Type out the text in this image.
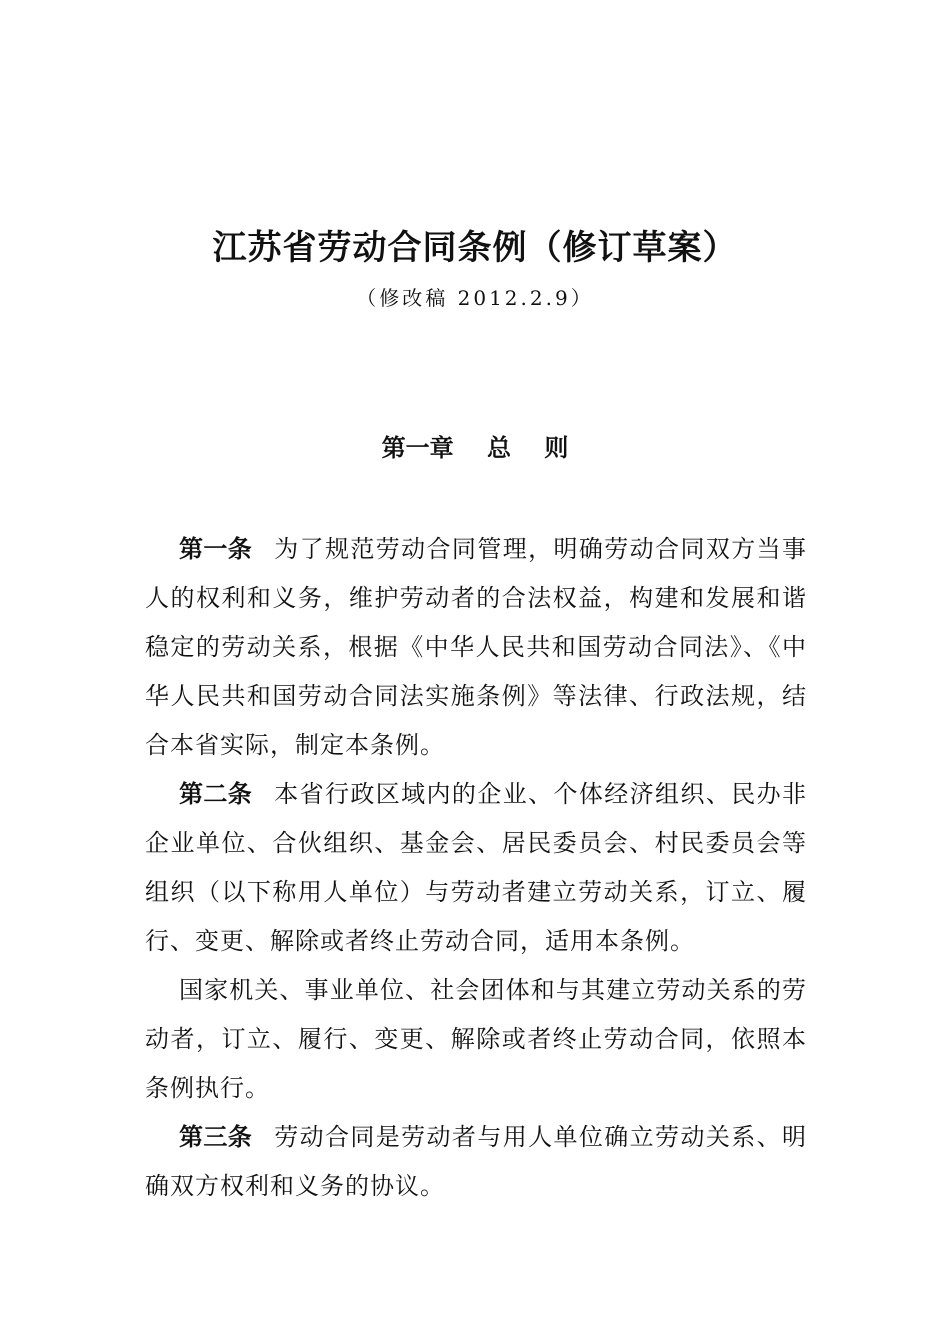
江苏省劳动合同条例（修订草案）

（修改稿 2012.2.9）

第一章    总    则

第一条 为了规范劳动合同管理，明确劳动合同双方当事人的权利和义务，维护劳动者的合法权益，构建和发展和谐稳定的劳动关系，根据《中华人民共和国劳动合同法》、《中华人民共和国劳动合同法实施条例》等法律、行政法规，结合本省实际，制定本条例。

第二条 本省行政区域内的企业、个体经济组织、民办非企业单位、合伙组织、基金会、居民委员会、村民委员会等组织（以下称用人单位）与劳动者建立劳动关系，订立、履行、变更、解除或者终止劳动合同，适用本条例。

国家机关、事业单位、社会团体和与其建立劳动关系的劳动者，订立、履行、变更、解除或者终止劳动合同，依照本条例执行。

第三条 劳动合同是劳动者与用人单位确立劳动关系、明确双方权利和义务的协议。
